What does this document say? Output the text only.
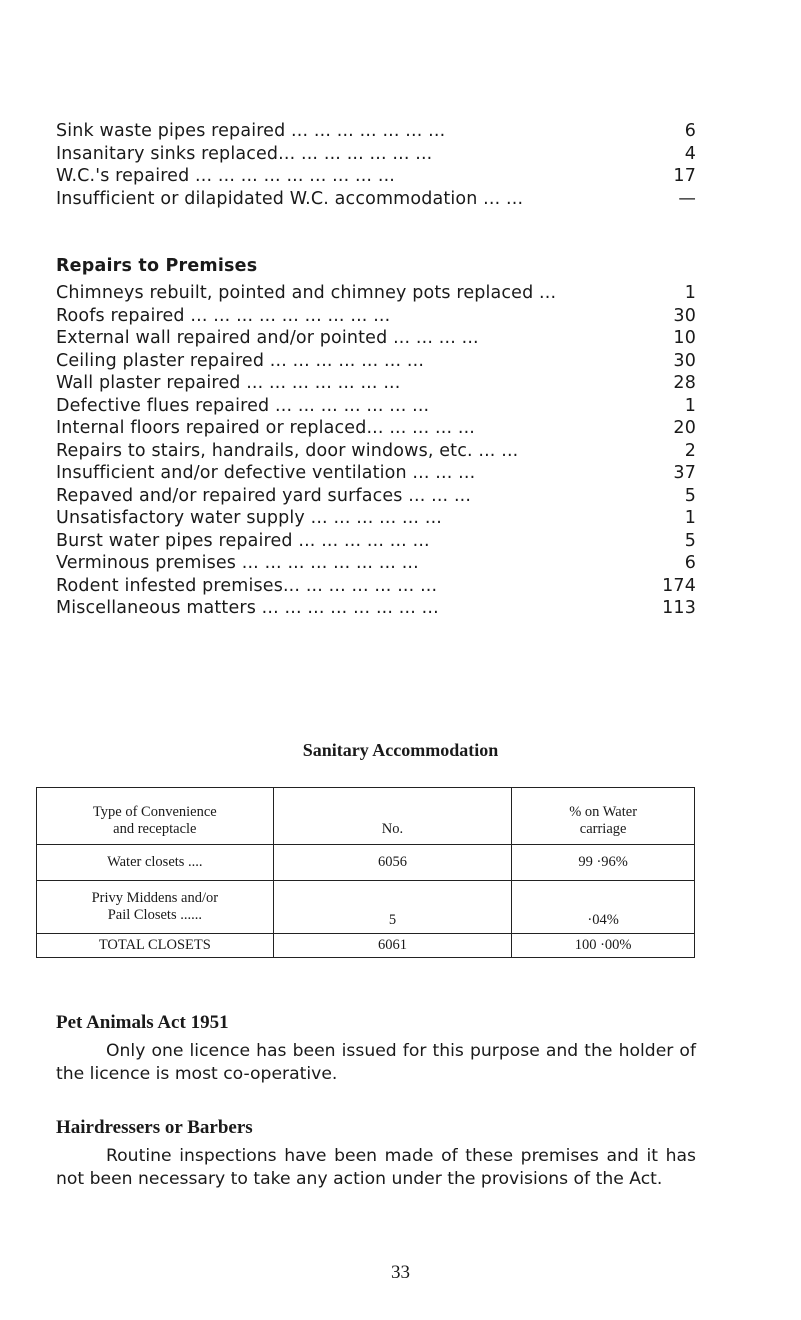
Sink waste pipes repaired ... ... ... ... ... ... ...	6
Insanitary sinks replaced... ... ... ... ... ... ...	4
W.C.'s repaired ... ... ... ... ... ... ... ... ...	17
Insufficient or dilapidated W.C. accommodation ... ...	—
Repairs to Premises
Chimneys rebuilt, pointed and chimney pots replaced ...	1
Roofs repaired ... ... ... ... ... ... ... ... ...	30
External wall repaired and/or pointed ... ... ... ...	10
Ceiling plaster repaired ... ... ... ... ... ... ...	30
Wall plaster repaired ... ... ... ... ... ... ...	28
Defective flues repaired ... ... ... ... ... ... ...	1
Internal floors repaired or replaced... ... ... ... ...	20
Repairs to stairs, handrails, door windows, etc. ... ...	2
Insufficient and/or defective ventilation ... ... ...	37
Repaved and/or repaired yard surfaces ... ... ...	5
Unsatisfactory water supply ... ... ... ... ... ...	1
Burst water pipes repaired ... ... ... ... ... ...	5
Verminous premises ... ... ... ... ... ... ... ...	6
Rodent infested premises... ... ... ... ... ... ...	174
Miscellaneous matters ... ... ... ... ... ... ... ...	113
Sanitary Accommodation
Type of Convenience
and receptacle	No.	% on Water
carriage
Water closets ....	6056	99 ·96%
Privy Middens and/or
Pail Closets ......	5	·04%
TOTAL CLOSETS	6061	100 ·00%
Pet Animals Act 1951
Only one licence has been issued for this purpose and the holder of the licence is most co-operative.
Hairdressers or Barbers
Routine inspections have been made of these premises and it has not been necessary to take any action under the provisions of the Act.
33
